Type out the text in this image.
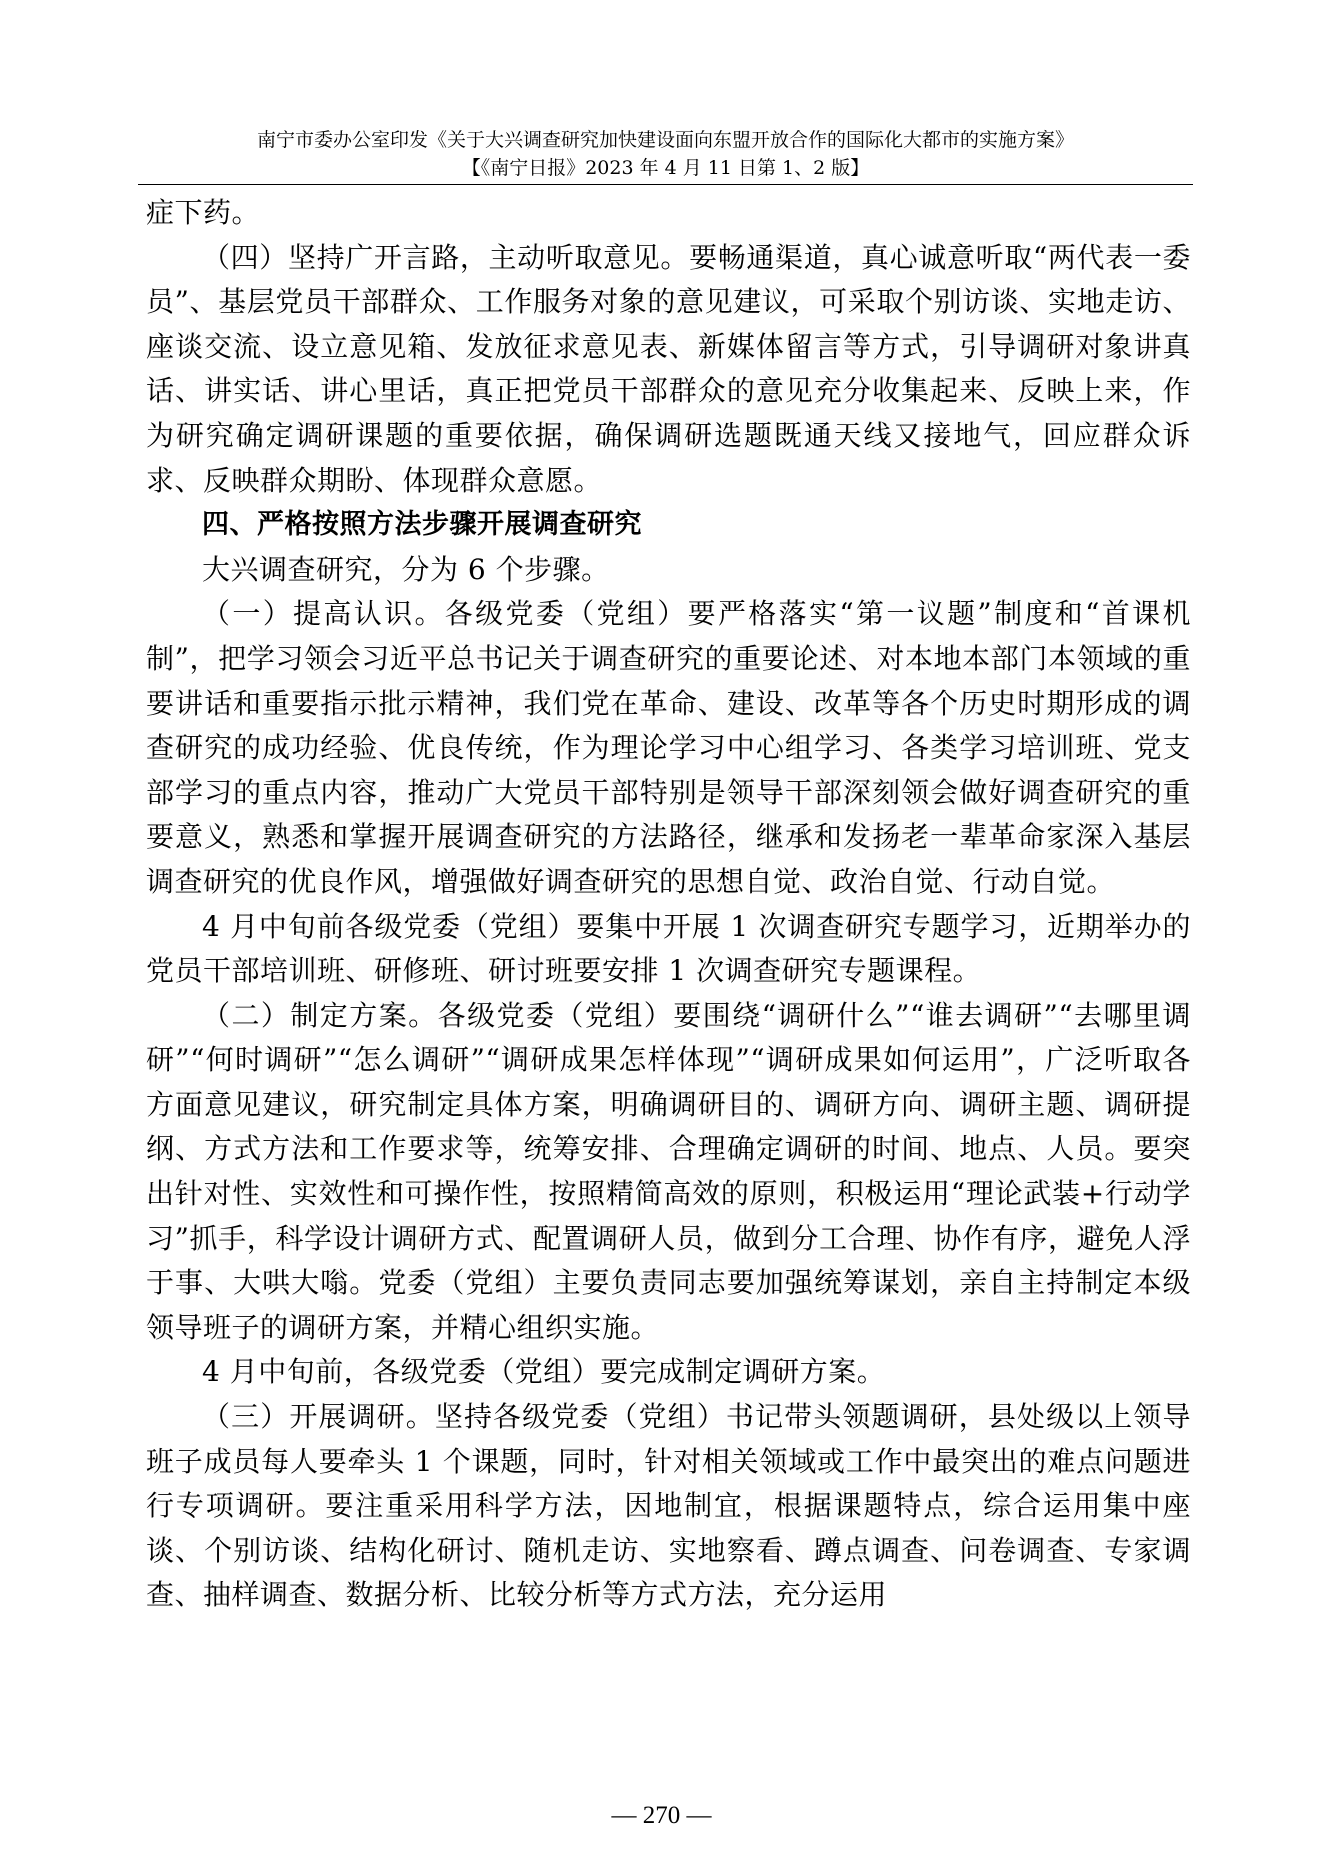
南宁市委办公室印发《关于大兴调查研究加快建设面向东盟开放合作的国际化大都市的实施方案》
【《南宁日报》2023 年 4 月 11 日第 1、2 版】

症下药。

（四）坚持广开言路，主动听取意见。要畅通渠道，真心诚意听取“两代表一委员”、基层党员干部群众、工作服务对象的意见建议，可采取个别访谈、实地走访、座谈交流、设立意见箱、发放征求意见表、新媒体留言等方式，引导调研对象讲真话、讲实话、讲心里话，真正把党员干部群众的意见充分收集起来、反映上来，作为研究确定调研课题的重要依据，确保调研选题既通天线又接地气，回应群众诉求、反映群众期盼、体现群众意愿。

四、严格按照方法步骤开展调查研究

大兴调查研究，分为 6 个步骤。

（一）提高认识。各级党委（党组）要严格落实“第一议题”制度和“首课机制”，把学习领会习近平总书记关于调查研究的重要论述、对本地本部门本领域的重要讲话和重要指示批示精神，我们党在革命、建设、改革等各个历史时期形成的调查研究的成功经验、优良传统，作为理论学习中心组学习、各类学习培训班、党支部学习的重点内容，推动广大党员干部特别是领导干部深刻领会做好调查研究的重要意义，熟悉和掌握开展调查研究的方法路径，继承和发扬老一辈革命家深入基层调查研究的优良作风，增强做好调查研究的思想自觉、政治自觉、行动自觉。

4 月中旬前各级党委（党组）要集中开展 1 次调查研究专题学习，近期举办的党员干部培训班、研修班、研讨班要安排 1 次调查研究专题课程。

（二）制定方案。各级党委（党组）要围绕“调研什么”“谁去调研”“去哪里调研”“何时调研”“怎么调研”“调研成果怎样体现”“调研成果如何运用”，广泛听取各方面意见建议，研究制定具体方案，明确调研目的、调研方向、调研主题、调研提纲、方式方法和工作要求等，统筹安排、合理确定调研的时间、地点、人员。要突出针对性、实效性和可操作性，按照精简高效的原则，积极运用“理论武装+行动学习”抓手，科学设计调研方式、配置调研人员，做到分工合理、协作有序，避免人浮于事、大哄大嗡。党委（党组）主要负责同志要加强统筹谋划，亲自主持制定本级领导班子的调研方案，并精心组织实施。

4 月中旬前，各级党委（党组）要完成制定调研方案。

（三）开展调研。坚持各级党委（党组）书记带头领题调研，县处级以上领导班子成员每人要牵头 1 个课题，同时，针对相关领域或工作中最突出的难点问题进行专项调研。要注重采用科学方法，因地制宜，根据课题特点，综合运用集中座谈、个别访谈、结构化研讨、随机走访、实地察看、蹲点调查、问卷调查、专家调查、抽样调查、数据分析、比较分析等方式方法，充分运用

— 270 —
